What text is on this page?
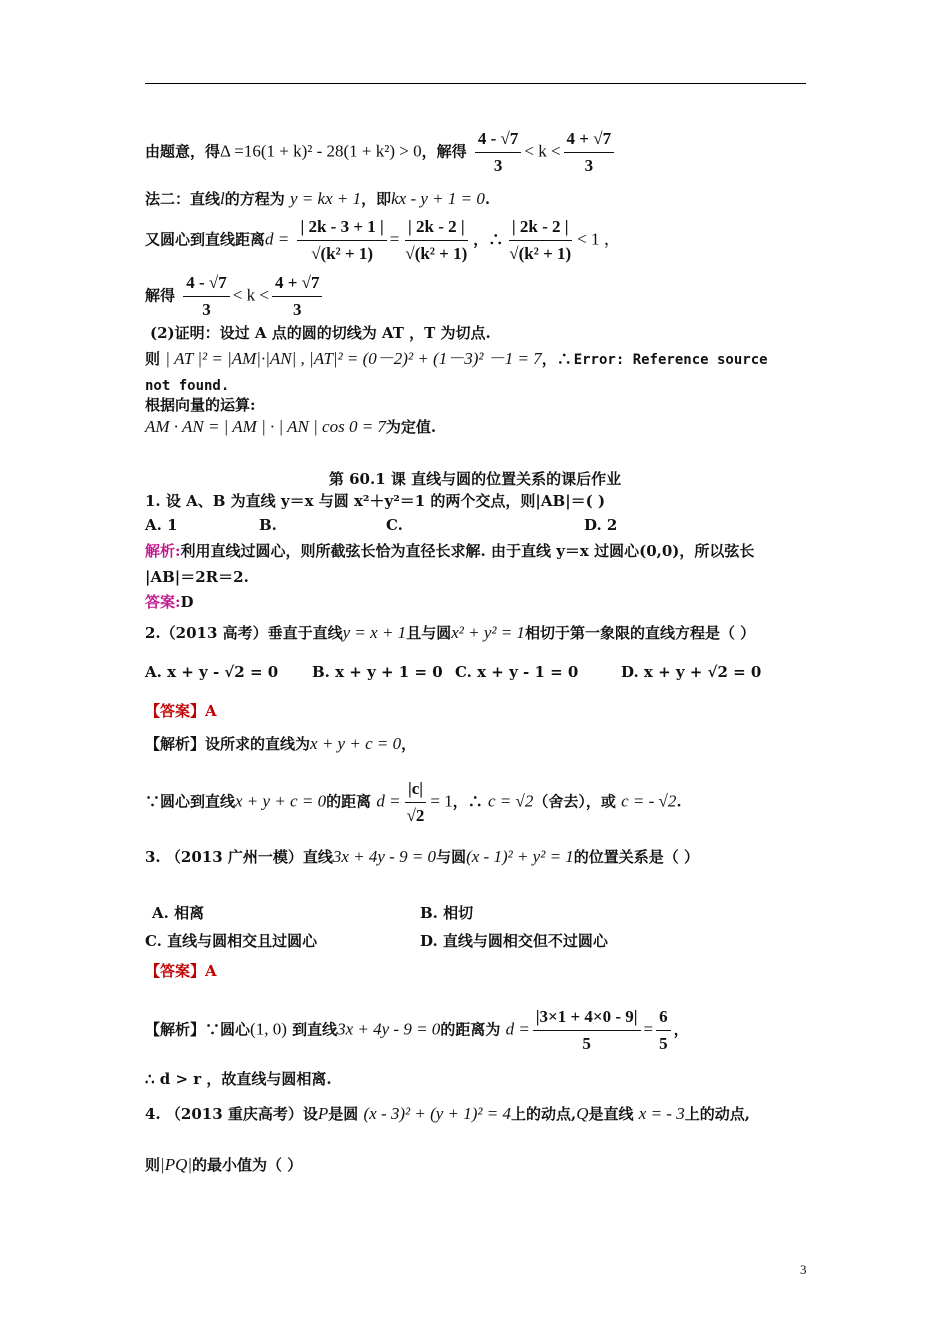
由题意，得Δ =16(1 + k)² - 28(1 + k²) > 0，解得 $\frac{4 - √7}{3} < k < \frac{4 + √7}{3}$
法二：直线l的方程为 y = kx + 1，即kx - y + 1 = 0.
又圆心到直线距离$d = \frac{| 2k - 3 + 1 |}{\text{√(k² + 1)}} = \frac{| 2k - 2 |}{\text{√(k² + 1)}}$ ，∴ $\frac{| 2k - 2 |}{\text{√(k² + 1)}} < 1$ ，
解得 $\frac{4 - √7}{3} < k < \frac{4 + √7}{3}$
(2)证明：设过 A 点的圆的切线为 AT ，T 为切点.
则 | AT |² = |AM|·|AN| , |AT|² = (0－2)² + (1－3)² －1 = 7，∴ Error: Reference source
not found.
根据向量的运算:
AM · AN = | AM | · | AN | cos 0 = 7为定值.
第 60.1 课 直线与圆的位置关系的课后作业
1. 设 A、B 为直线 y＝x 与圆 x²＋y²＝1 的两个交点，则|AB|＝( )
A. 1	B.	C.	D. 2
解析:利用直线过圆心，则所截弦长恰为直径长求解. 由于直线 y＝x 过圆心(0,0)，所以弦长
|AB|＝2R＝2.
答案:D
2.（2013 高考）垂直于直线y = x + 1且与圆x² + y² = 1相切于第一象限的直线方程是（ ）
A. x + y - √2 = 0 B. x + y + 1 = 0 C. x + y - 1 = 0	D. x + y + √2 = 0
【答案】A
【解析】设所求的直线为x + y + c = 0，
∵圆心到直线x + y + c = 0的距离 $d = \frac{|c|}{√2} = 1$，∴ c = √2（舍去），或 c = - √2.
3. （2013 广州一模）直线3x + 4y - 9 = 0与圆(x - 1)² + y² = 1的位置关系是（ ）
A. 相离	B. 相切
C. 直线与圆相交且过圆心	D. 直线与圆相交但不过圆心
【答案】A
【解析】∵圆心(1, 0) 到直线3x + 4y - 9 = 0的距离为 $d = \frac{|3\times 1 + 4\times 0 - 9|}{5} = \frac{6}{5}$ ，
∴ d > r ，故直线与圆相离.
4. （2013 重庆高考）设P是圆 (x - 3)² + (y + 1)² = 4上的动点,Q是直线 x = - 3上的动点,
则|PQ|的最小值为（ ）
3
